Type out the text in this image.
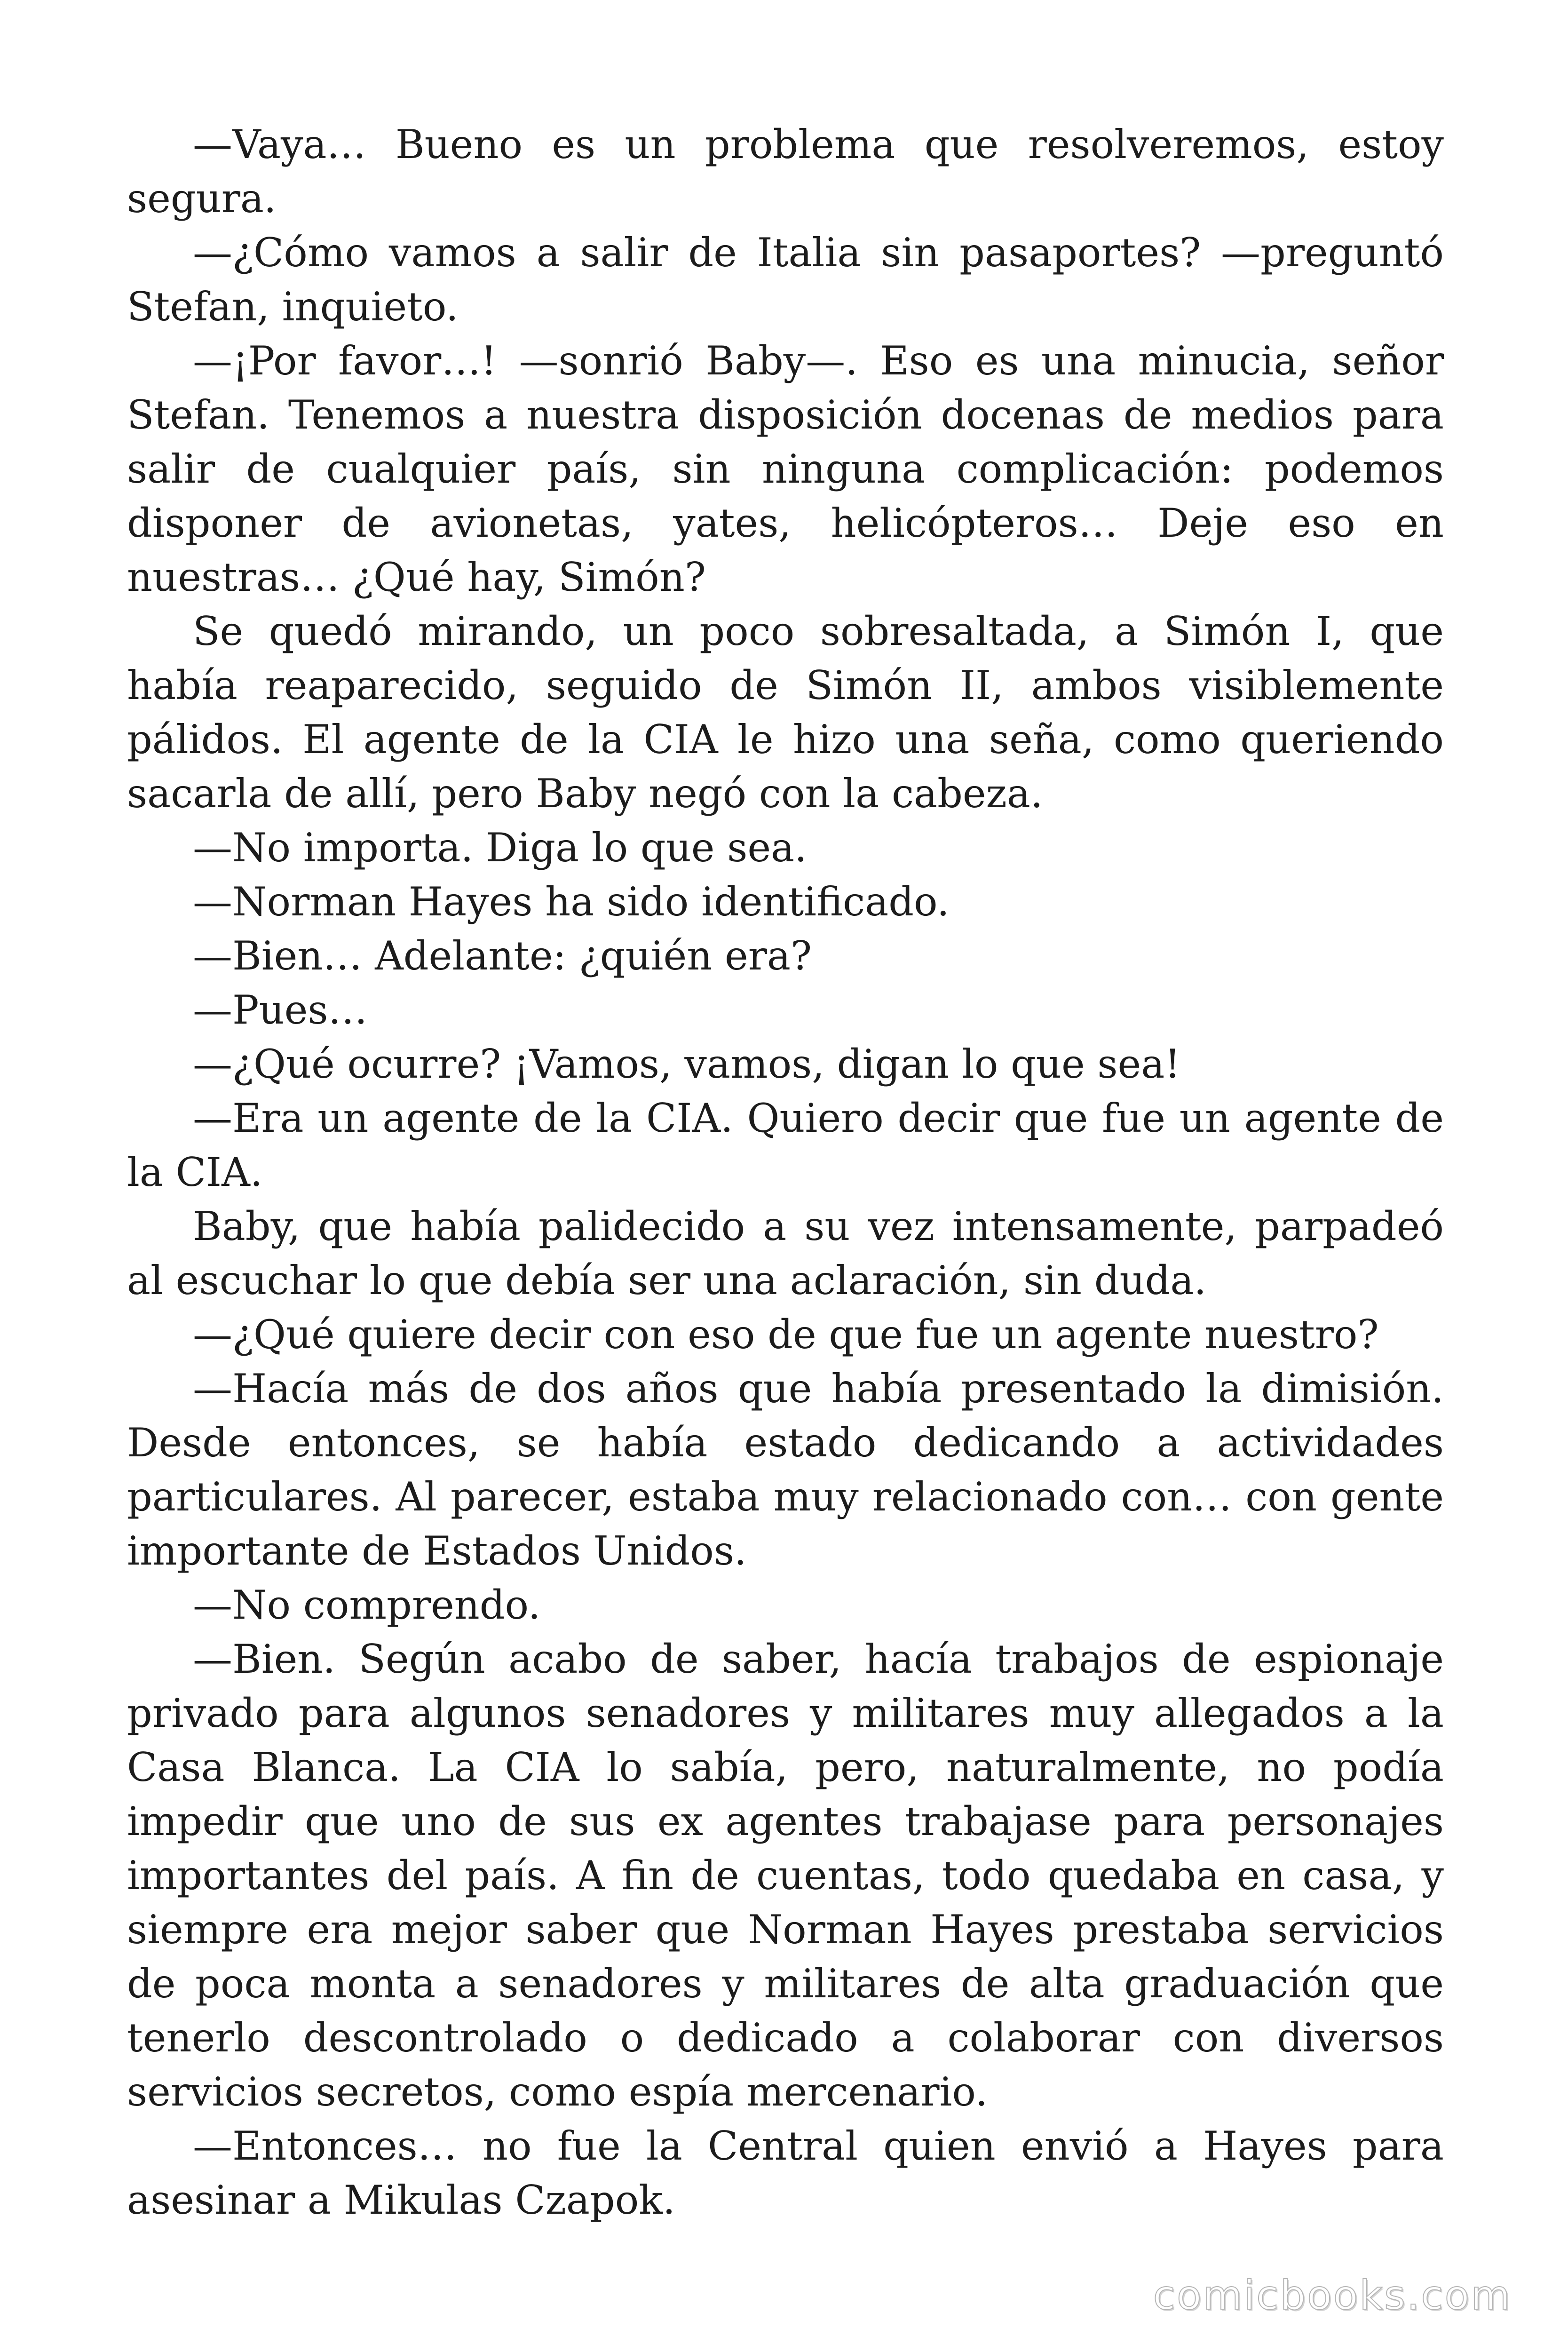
—Vaya… Bueno es un problema que resolveremos, estoy segura.

—¿Cómo vamos a salir de Italia sin pasaportes? —preguntó Stefan, inquieto.

—¡Por favor…! —sonrió Baby—. Eso es una minucia, señor Stefan. Tenemos a nuestra disposición docenas de medios para salir de cualquier país, sin ninguna complicación: podemos disponer de avionetas, yates, helicópteros… Deje eso en nuestras… ¿Qué hay, Simón?

Se quedó mirando, un poco sobresaltada, a Simón I, que había reaparecido, seguido de Simón II, ambos visiblemente pálidos. El agente de la CIA le hizo una seña, como queriendo sacarla de allí, pero Baby negó con la cabeza.

—No importa. Diga lo que sea.

—Norman Hayes ha sido identificado.

—Bien… Adelante: ¿quién era?

—Pues…

—¿Qué ocurre? ¡Vamos, vamos, digan lo que sea!

—Era un agente de la CIA. Quiero decir que fue un agente de la CIA.

Baby, que había palidecido a su vez intensamente, parpadeó al escuchar lo que debía ser una aclaración, sin duda.

—¿Qué quiere decir con eso de que fue un agente nuestro?

—Hacía más de dos años que había presentado la dimisión. Desde entonces, se había estado dedicando a actividades particulares. Al parecer, estaba muy relacionado con… con gente importante de Estados Unidos.

—No comprendo.

—Bien. Según acabo de saber, hacía trabajos de espionaje privado para algunos senadores y militares muy allegados a la Casa Blanca. La CIA lo sabía, pero, naturalmente, no podía impedir que uno de sus ex agentes trabajase para personajes importantes del país. A fin de cuentas, todo quedaba en casa, y siempre era mejor saber que Norman Hayes prestaba servicios de poca monta a senadores y militares de alta graduación que tenerlo descontrolado o dedicado a colaborar con diversos servicios secretos, como espía mercenario.

—Entonces… no fue la Central quien envió a Hayes para asesinar a Mikulas Czapok.

comicbooks.com
